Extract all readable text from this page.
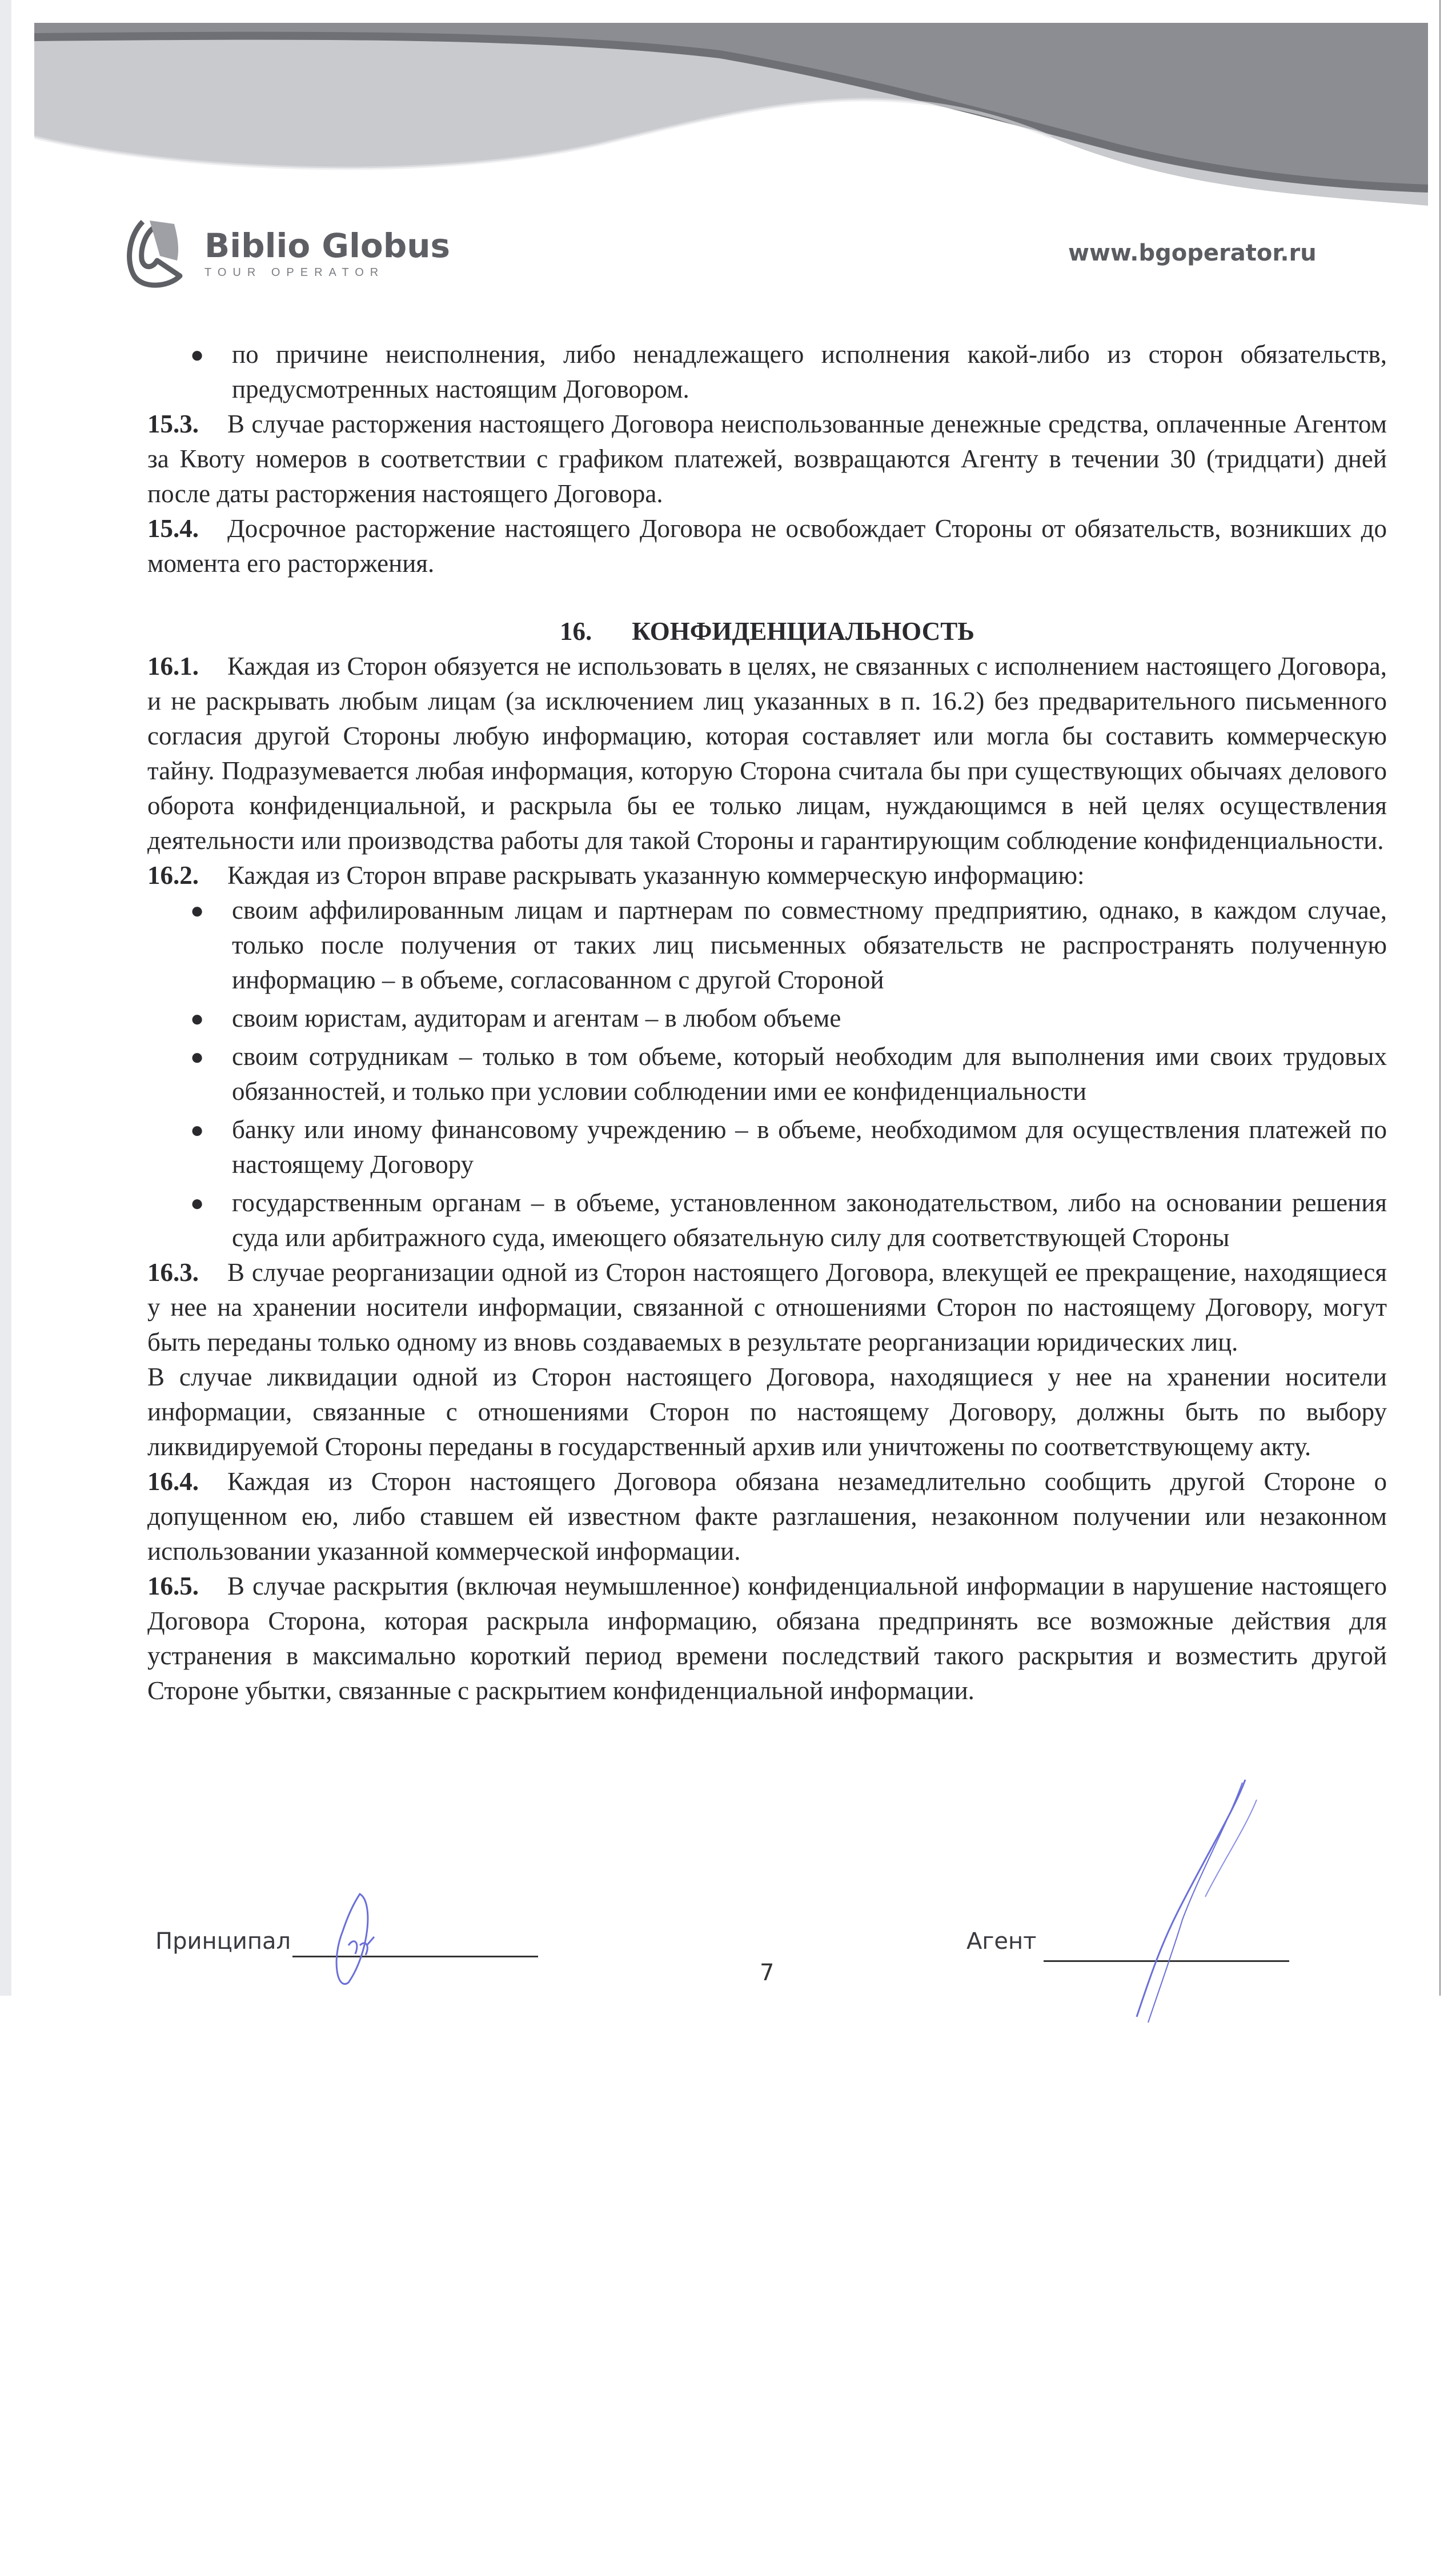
Biblio Globus
TOUR OPERATOR
www.bgoperator.ru

● по причине неисполнения, либо ненадлежащего исполнения какой-либо из сторон обязательств, предусмотренных настоящим Договором.

15.3. В случае расторжения настоящего Договора неиспользованные денежные средства, оплаченные Агентом за Квоту номеров в соответствии с графиком платежей, возвращаются Агенту в течении 30 (тридцати) дней после даты расторжения настоящего Договора.

15.4. Досрочное расторжение настоящего Договора не освобождает Стороны от обязательств, возникших до момента его расторжения.

16. КОНФИДЕНЦИАЛЬНОСТЬ

16.1. Каждая из Сторон обязуется не использовать в целях, не связанных с исполнением настоящего Договора, и не раскрывать любым лицам (за исключением лиц указанных в п. 16.2) без предварительного письменного согласия другой Стороны любую информацию, которая составляет или могла бы составить коммерческую тайну. Подразумевается любая информация, которую Сторона считала бы при существующих обычаях делового оборота конфиденциальной, и раскрыла бы ее только лицам, нуждающимся в ней целях осуществления деятельности или производства работы для такой Стороны и гарантирующим соблюдение конфиденциальности.

16.2. Каждая из Сторон вправе раскрывать указанную коммерческую информацию:

● своим аффилированным лицам и партнерам по совместному предприятию, однако, в каждом случае, только после получения от таких лиц письменных обязательств не распространять полученную информацию – в объеме, согласованном с другой Стороной

● своим юристам, аудиторам и агентам – в любом объеме

● своим сотрудникам – только в том объеме, который необходим для выполнения ими своих трудовых обязанностей, и только при условии соблюдении ими ее конфиденциальности

● банку или иному финансовому учреждению – в объеме, необходимом для осуществления платежей по настоящему Договору

● государственным органам – в объеме, установленном законодательством, либо на основании решения суда или арбитражного суда, имеющего обязательную силу для соответствующей Стороны

16.3. В случае реорганизации одной из Сторон настоящего Договора, влекущей ее прекращение, находящиеся у нее на хранении носители информации, связанной с отношениями Сторон по настоящему Договору, могут быть переданы только одному из вновь создаваемых в результате реорганизации юридических лиц.

В случае ликвидации одной из Сторон настоящего Договора, находящиеся у нее на хранении носители информации, связанные с отношениями Сторон по настоящему Договору, должны быть по выбору ликвидируемой Стороны переданы в государственный архив или уничтожены по соответствующему акту.

16.4. Каждая из Сторон настоящего Договора обязана незамедлительно сообщить другой Стороне о допущенном ею, либо ставшем ей известном факте разглашения, незаконном получении или незаконном использовании указанной коммерческой информации.

16.5. В случае раскрытия (включая неумышленное) конфиденциальной информации в нарушение настоящего Договора Сторона, которая раскрыла информацию, обязана предпринять все возможные действия для устранения в максимально короткий период времени последствий такого раскрытия и возместить другой Стороне убытки, связанные с раскрытием конфиденциальной информации.

Принципал	Агент
7
